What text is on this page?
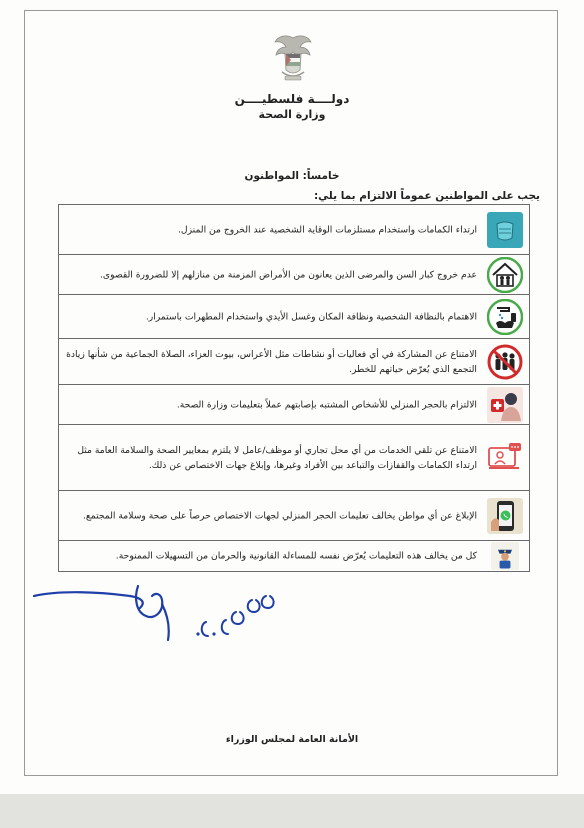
دولــــة فلسطيــــن
وزارة الصحة
خامساً: المواطنون
يجب على المواطنين عموماً الالتزام بما يلي:
ارتداء الكمامات واستخدام مستلزمات الوقاية الشخصية عند الخروج من المنزل.
عدم خروج كبار السن والمرضى الذين يعانون من الأمراض المزمنة من منازلهم إلا للضرورة القصوى.
الاهتمام بالنظافة الشخصية ونظافة المكان وغسل الأيدي واستخدام المطهرات باستمرار.
الامتناع عن المشاركة في أي فعاليات أو نشاطات مثل الأعراس، بيوت العزاء، الصلاة الجماعية من شأنها زيادة التجمع الذي يُعرّض حياتهم للخطر.
الالتزام بالحجر المنزلي للأشخاص المشتبه بإصابتهم عملاً بتعليمات وزارة الصحة.
الامتناع عن تلقي الخدمات من أي محل تجاري أو موظف/عامل لا يلتزم بمعايير الصحة والسلامة العامة مثل ارتداء الكمامات والقفازات والتباعد بين الأفراد وغيرها، وإبلاغ جهات الاختصاص عن ذلك.
الإبلاغ عن أي مواطن يخالف تعليمات الحجر المنزلي لجهات الاختصاص حرصاً على صحة وسلامة المجتمع.
كل من يخالف هذه التعليمات يُعرّض نفسه للمساءلة القانونية والحرمان من التسهيلات الممنوحة.
الأمانة العامة لمجلس الوزراء
